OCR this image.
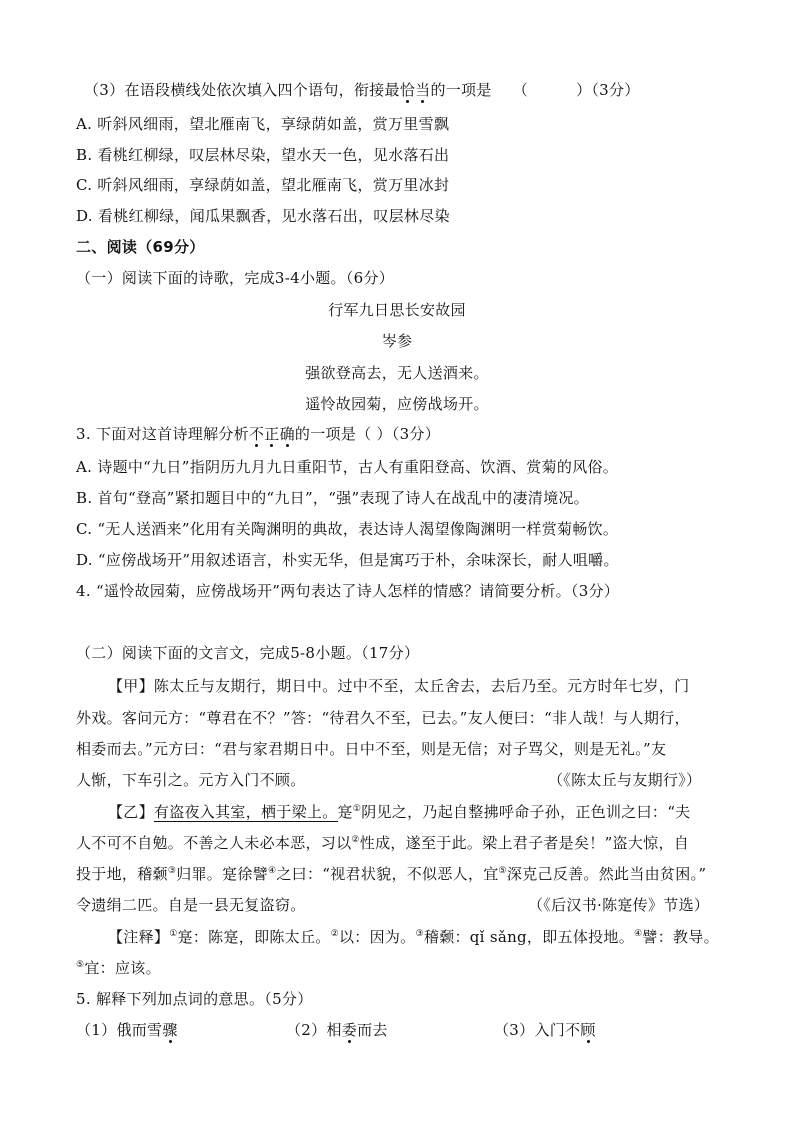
（3）在语段横线处依次填入四个语句，衔接最恰当的一项是 （	）（3分）
A. 听斜风细雨，望北雁南飞，享绿荫如盖，赏万里雪飘
B. 看桃红柳绿，叹层林尽染，望水天一色，见水落石出
C. 听斜风细雨，享绿荫如盖，望北雁南飞，赏万里冰封
D. 看桃红柳绿，闻瓜果飘香，见水落石出，叹层林尽染
二、阅读（69分）
（一）阅读下面的诗歌，完成3-4小题。（6分）
行军九日思长安故园
岑参
强欲登高去，无人送酒来。
遥怜故园菊，应傍战场开。
3. 下面对这首诗理解分析不正确的一项是（ ）（3分）
A. 诗题中“九日”指阴历九月九日重阳节，古人有重阳登高、饮酒、赏菊的风俗。
B. 首句“登高”紧扣题目中的“九日”，“强”表现了诗人在战乱中的凄清境况。
C. “无人送酒来”化用有关陶渊明的典故，表达诗人渴望像陶渊明一样赏菊畅饮。
D. “应傍战场开”用叙述语言，朴实无华，但是寓巧于朴，余味深长，耐人咀嚼。
4. “遥怜故园菊，应傍战场开”两句表达了诗人怎样的情感？请简要分析。（3分）
（二）阅读下面的文言文，完成5-8小题。（17分）
【甲】陈太丘与友期行，期日中。过中不至，太丘舍去，去后乃至。元方时年七岁，门
外戏。客问元方：“尊君在不？”答：“待君久不至，已去。”友人便曰：“非人哉！与人期行，
相委而去。”元方曰：“君与家君期日中。日中不至，则是无信；对子骂父，则是无礼。”友
人惭，下车引之。元方入门不顾。	（《陈太丘与友期行》）
【乙】有盗夜入其室，栖于梁上。寔①阴见之，乃起自整拂呼命子孙，正色训之曰：“夫
人不可不自勉。不善之人未必本恶，习以②性成，遂至于此。梁上君子者是矣！”盗大惊，自
投于地，稽颡③归罪。寔徐譬④之曰：“视君状貌，不似恶人，宜⑤深克己反善。然此当由贫困。”
令遗绢二匹。自是一县无复盗窃。	（《后汉书·陈寔传》节选）
【注释】①寔：陈寔，即陈太丘。②以：因为。③稽颡：qǐ sǎng，即五体投地。④譬：教导。
⑤宜：应该。
5. 解释下列加点词的意思。（5分）
（1）俄而雪骤	（2）相委而去	（3）入门不顾
